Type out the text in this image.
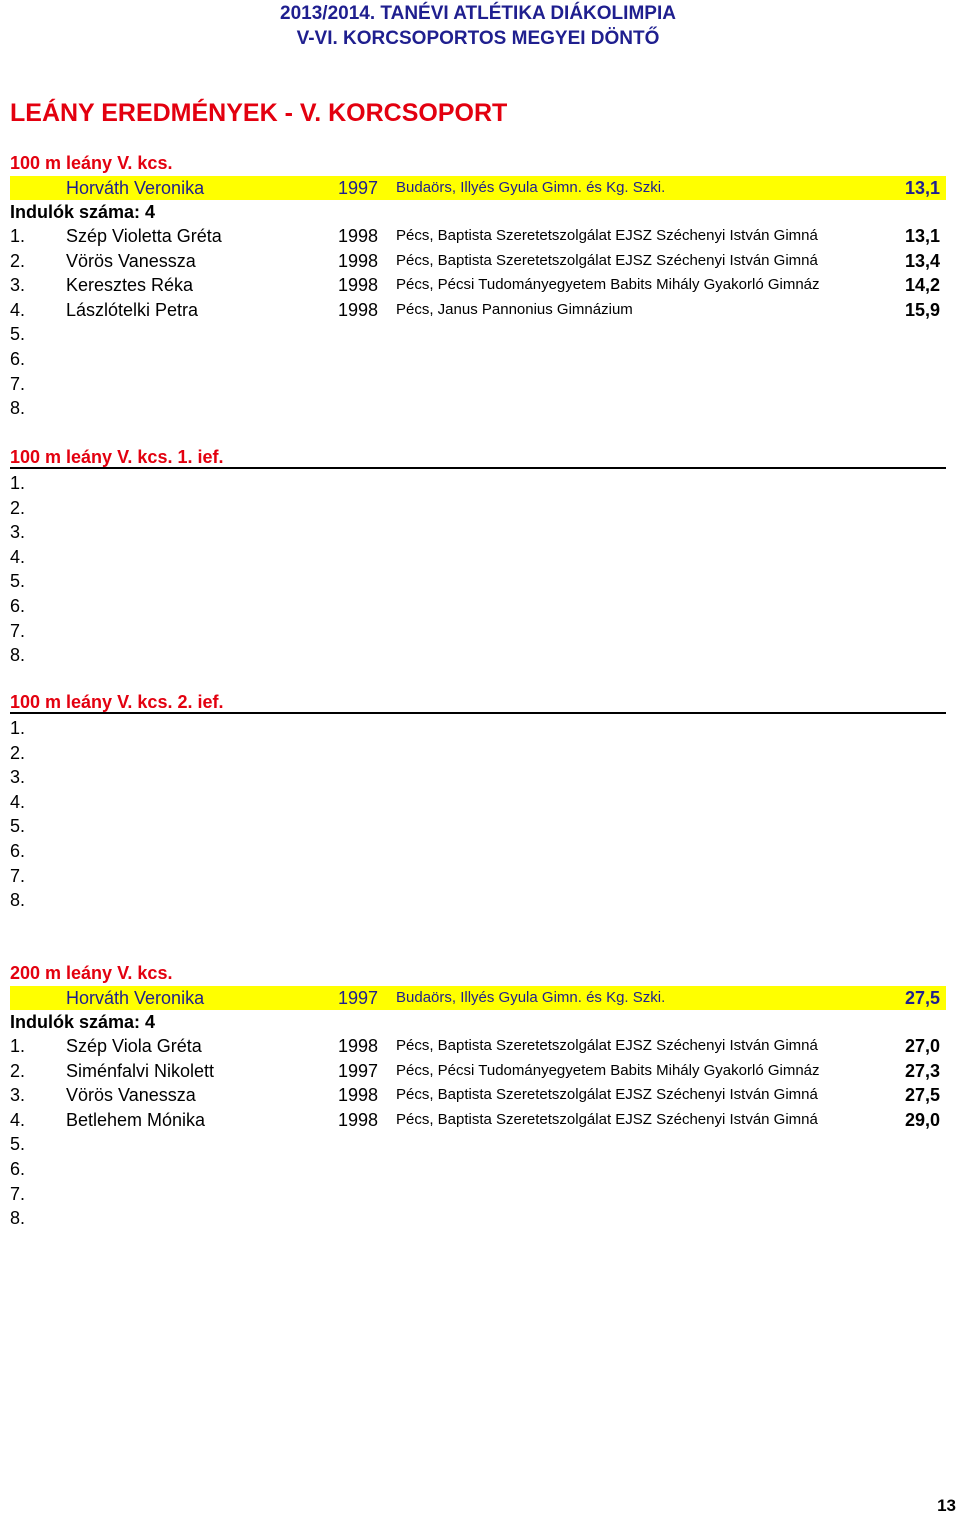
2013/2014. TANÉVI ATLÉTIKA DIÁKOLIMPIA
V-VI. KORCSOPORTOS MEGYEI DÖNTŐ
LEÁNY EREDMÉNYEK - V. KORCSOPORT
100 m leány V. kcs.
Horváth Veronika	1997	Budaörs, Illyés Gyula Gimn. és Kg. Szki.	13,1
Indulók száma: 4
1.	Szép Violetta Gréta	1998	Pécs, Baptista Szeretetszolgálat EJSZ Széchenyi István Gimná	13,1
2.	Vörös Vanessza	1998	Pécs, Baptista Szeretetszolgálat EJSZ Széchenyi István Gimná	13,4
3.	Keresztes Réka	1998	Pécs, Pécsi Tudományegyetem Babits Mihály Gyakorló Gimnáz	14,2
4.	Lászlótelki Petra	1998	Pécs, Janus Pannonius Gimnázium	15,9
5.
6.
7.
8.
100 m leány V. kcs. 1. ief.
1.
2.
3.
4.
5.
6.
7.
8.
100 m leány V. kcs. 2. ief.
1.
2.
3.
4.
5.
6.
7.
8.
200 m leány V. kcs.
Horváth Veronika	1997	Budaörs, Illyés Gyula Gimn. és Kg. Szki.	27,5
Indulók száma: 4
1.	Szép Viola Gréta	1998	Pécs, Baptista Szeretetszolgálat EJSZ Széchenyi István Gimná	27,0
2.	Siménfalvi Nikolett	1997	Pécs, Pécsi Tudományegyetem Babits Mihály Gyakorló Gimnáz	27,3
3.	Vörös Vanessza	1998	Pécs, Baptista Szeretetszolgálat EJSZ Széchenyi István Gimná	27,5
4.	Betlehem Mónika	1998	Pécs, Baptista Szeretetszolgálat EJSZ Széchenyi István Gimná	29,0
5.
6.
7.
8.
13
